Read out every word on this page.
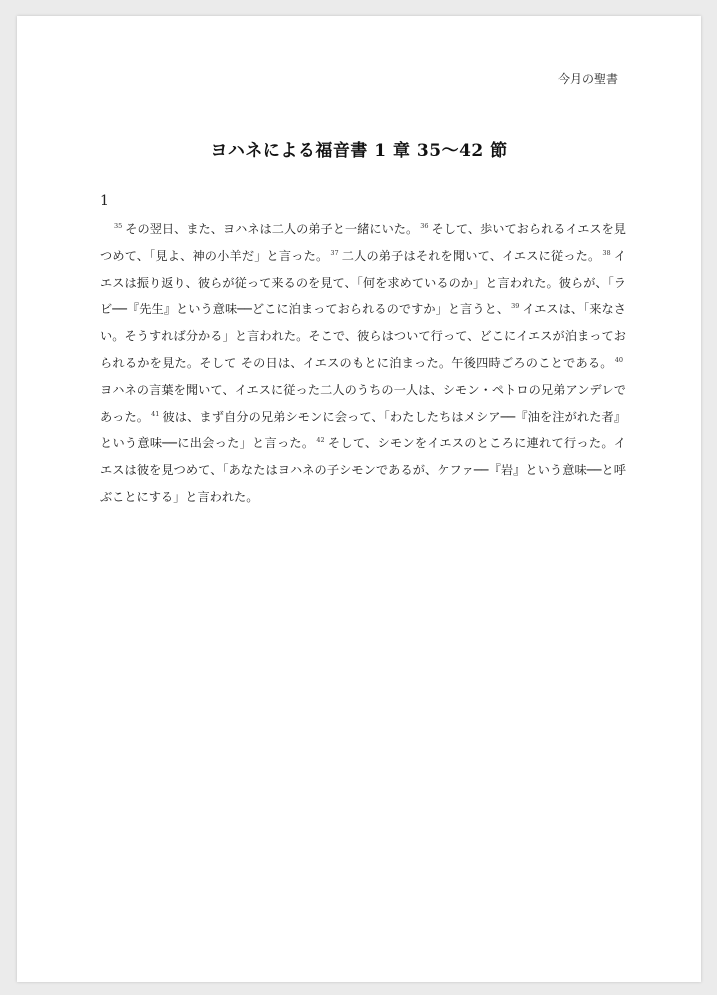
今月の聖書
ヨハネによる福音書 1 章 35〜42 節
1

$^{35}$ その翌日、また、ヨハネは二人の弟子と一緒にいた。 $^{36}$ そして、歩いておられるイエスを見つめて、「見よ、神の小羊だ」と言った。 $^{37}$ 二人の弟子はそれを聞いて、イエスに従った。 $^{38}$ イエスは振り返り、彼らが従って来るのを見て、「何を求めているのか」と言われた。彼らが、「ラビ──『先生』という意味──どこに泊まっておられるのですか」と言うと、 $^{39}$ イエスは、「来なさい。そうすれば分かる」と言われた。そこで、彼らはついて行って、どこにイエスが泊まっておられるかを見た。そして その日は、イエスのもとに泊まった。午後四時ごろのことである。 $^{40}$ヨハネの言葉を聞いて、イエスに従った二人のうちの一人は、シモン・ペトロの兄弟アンデレであった。 $^{41}$ 彼は、まず自分の兄弟シモンに会って、「わたしたちはメシア──『油を注がれた者』という意味──に出会った」と言った。 $^{42}$ そして、シモンをイエスのところに連れて行った。イエスは彼を見つめて、「あなたはヨハネの子シモンであるが、ケファ──『岩』という意味──と呼ぶことにする」と言われた。
